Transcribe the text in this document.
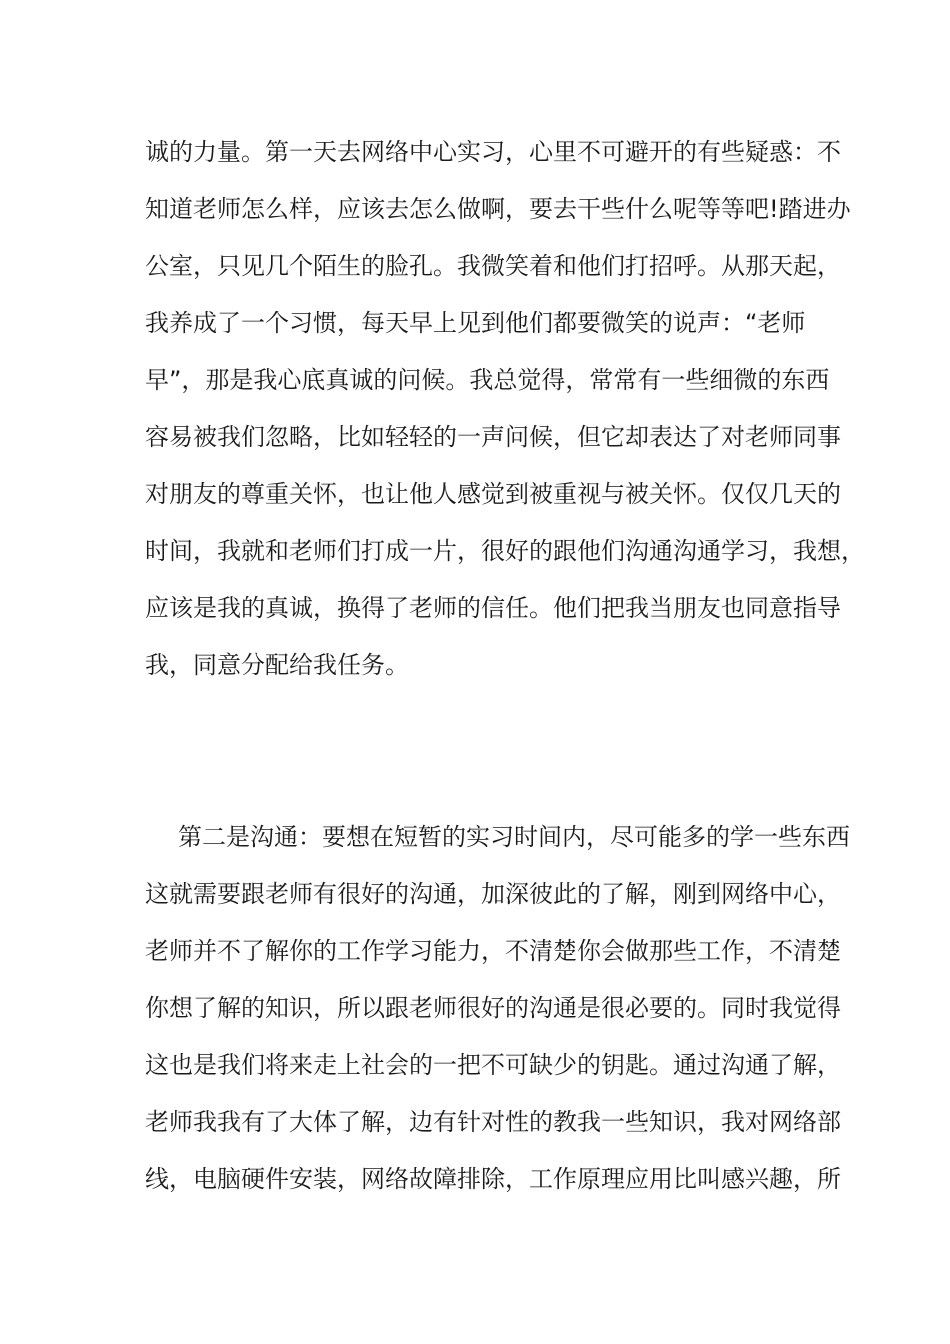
诚的力量。第一天去网络中心实习，心里不可避开的有些疑惑：不
知道老师怎么样，应该去怎么做啊，要去干些什么呢等等吧!踏进办
公室，只见几个陌生的脸孔。我微笑着和他们打招呼。从那天起，
我养成了一个习惯，每天早上见到他们都要微笑的说声：“老师
早”，那是我心底真诚的问候。我总觉得，常常有一些细微的东西
容易被我们忽略，比如轻轻的一声问候，但它却表达了对老师同事
对朋友的尊重关怀，也让他人感觉到被重视与被关怀。仅仅几天的
时间，我就和老师们打成一片，很好的跟他们沟通沟通学习，我想，
应该是我的真诚，换得了老师的信任。他们把我当朋友也同意指导
我，同意分配给我任务。
第二是沟通：要想在短暂的实习时间内，尽可能多的学一些东西
这就需要跟老师有很好的沟通，加深彼此的了解，刚到网络中心，
老师并不了解你的工作学习能力，不清楚你会做那些工作，不清楚
你想了解的知识，所以跟老师很好的沟通是很必要的。同时我觉得
这也是我们将来走上社会的一把不可缺少的钥匙。通过沟通了解，
老师我我有了大体了解，边有针对性的教我一些知识，我对网络部
线，电脑硬件安装，网络故障排除，工作原理应用比叫感兴趣，所
